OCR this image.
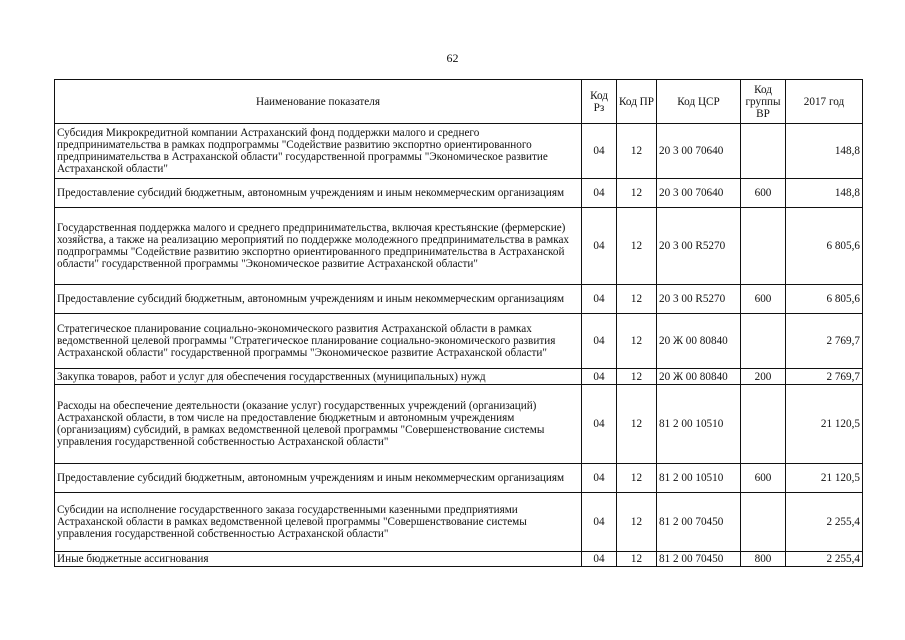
62
Наименование показателя	Код Рз	Код ПР	Код ЦСР	Код группы ВР	2017 год
Субсидия Микрокредитной компании Астраханский фонд поддержки малого и среднего предпринимательства в рамках подпрограммы "Содействие развитию экспортно ориентированного предпринимательства в Астраханской области" государственной программы "Экономическое развитие Астраханской области"	04	12	20 3 00 70640		148,8
Предоставление субсидий бюджетным, автономным учреждениям и иным некоммерческим организациям	04	12	20 3 00 70640	600	148,8
Государственная поддержка малого и среднего предпринимательства, включая крестьянские (фермерские) хозяйства, а также на реализацию мероприятий по поддержке молодежного предпринимательства в рамках подпрограммы "Содействие развитию экспортно ориентированного предпринимательства в Астраханской области" государственной программы "Экономическое развитие Астраханской области"	04	12	20 3 00 R5270		6 805,6
Предоставление субсидий бюджетным, автономным учреждениям и иным некоммерческим организациям	04	12	20 3 00 R5270	600	6 805,6
Стратегическое планирование социально-экономического развития Астраханской области в рамках ведомственной целевой программы "Стратегическое планирование социально-экономического развития Астраханской области" государственной программы "Экономическое развитие Астраханской области"	04	12	20 Ж 00 80840		2 769,7
Закупка товаров, работ и услуг для обеспечения государственных (муниципальных) нужд	04	12	20 Ж 00 80840	200	2 769,7
Расходы на обеспечение деятельности (оказание услуг) государственных учреждений (организаций) Астраханской области, в том числе на предоставление бюджетным и автономным учреждениям (организациям) субсидий, в рамках ведомственной целевой программы "Совершенствование системы управления государственной собственностью Астраханской области"	04	12	81 2 00 10510		21 120,5
Предоставление субсидий бюджетным, автономным учреждениям и иным некоммерческим организациям	04	12	81 2 00 10510	600	21 120,5
Субсидии на исполнение государственного заказа государственными казенными предприятиями Астраханской области в рамках ведомственной целевой программы "Совершенствование системы управления государственной собственностью Астраханской области"	04	12	81 2 00 70450		2 255,4
Иные бюджетные ассигнования	04	12	81 2 00 70450	800	2 255,4
